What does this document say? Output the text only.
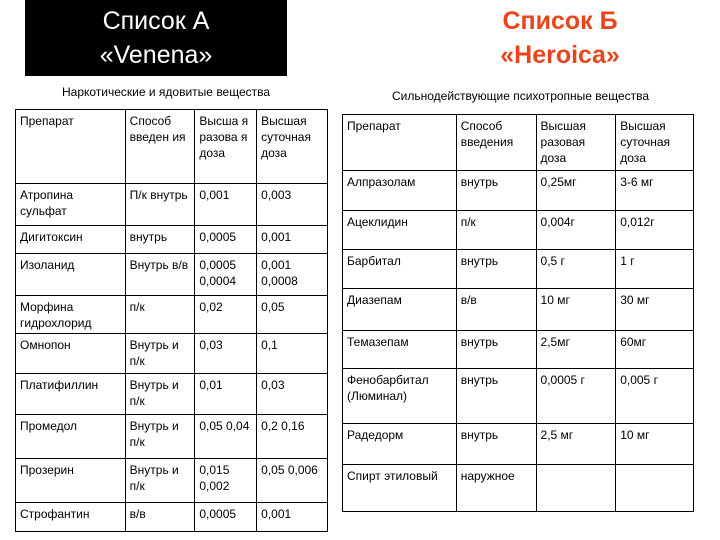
Список А
«Venena»
Список Б
«Heroica»
Наркотические и ядовитые вещества	Сильнодействующие психотропные вещества
Препарат	Способ введен ия	Высша я разова я доза	Высшая суточная доза
Атропина сульфат	П/к внутрь	0,001	0,003
Дигитоксин	внутрь	0,0005	0,001
Изоланид	Внутрь в/в	0,0005 0,0004	0,001 0,0008
Морфина гидрохлорид	п/к	0,02	0,05
Омнопон	Внутрь и п/к	0,03	0,1
Платифиллин	Внутрь и п/к	0,01	0,03
Промедол	Внутрь и п/к	0,05 0,04	0,2 0,16
Прозерин	Внутрь и п/к	0,015 0,002	0,05 0,006
Строфантин	в/в	0,0005	0,001
Препарат	Способ введения	Высшая разовая доза	Высшая суточная доза
Алпразолам	внутрь	0,25мг	3-6 мг
Ацеклидин	п/к	0,004г	0,012г
Барбитал	внутрь	0,5 г	1 г
Диазепам	в/в	10 мг	30 мг
Темазепам	внутрь	2,5мг	60мг
Фенобарбитал (Люминал)	внутрь	0,0005 г	0,005 г
Радедорм	внутрь	2,5 мг	10 мг
Спирт этиловый	наружное		
